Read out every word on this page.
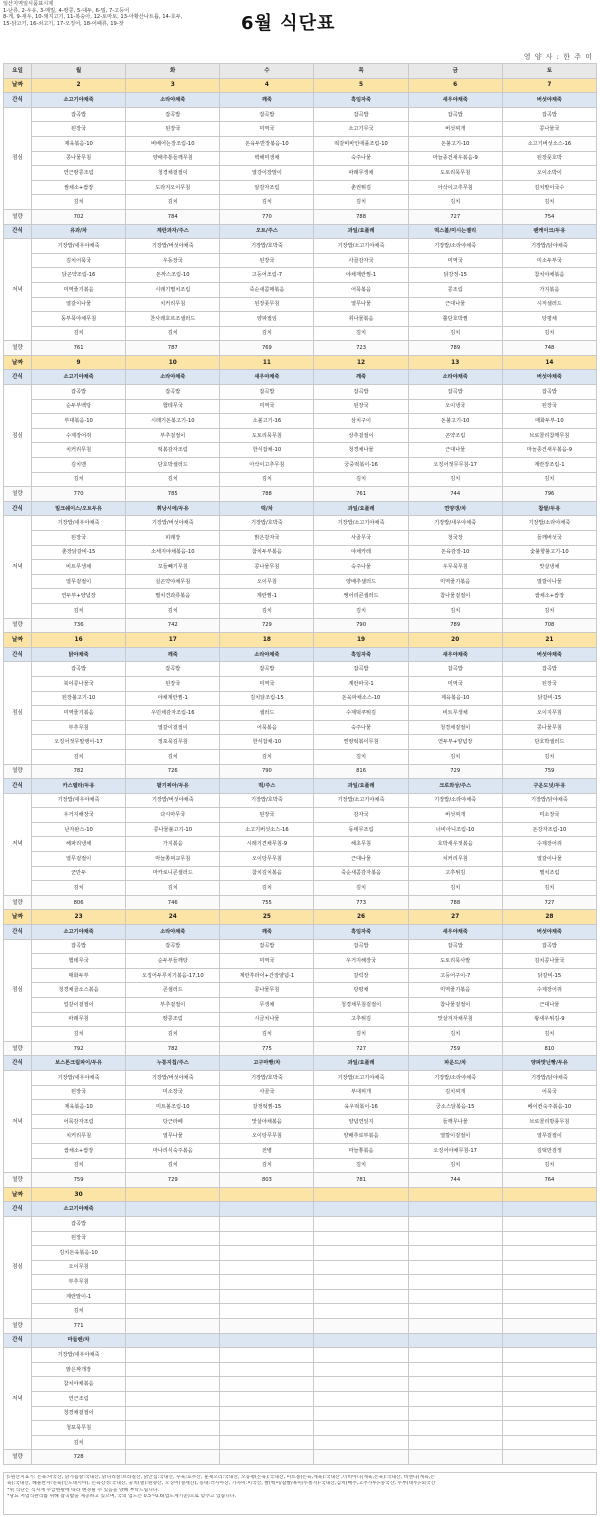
일산지역일식품표시제
1-난류, 2-우유, 3-메밀, 4-땅콩, 5-대두, 6-밀, 7-고등어
8-게, 9-새우, 10-돼지고기, 11-복숭아, 12-토마토, 13-아황산나트륨, 14-호두,
15-닭고기, 16-쇠고기, 17-오징어, 18-어패류, 19-잣	6월 식단표
영 양 사 : 한 주 미
요일	월	화	수	목	금	토
날짜	2	3	4	5	6	7
간식	소고기야채죽	소라야채죽	깨죽	흑임자죽	새우야채죽	버섯야채죽
점심	잡곡밥	잡곡밥	잡곡밥	잡곡밥	잡곡밥	잡곡밥
	된장국	된장국	미역국	소고기무국	버섯찌개	콩나물국
	제육볶음-10	버베어는장조림-10	돈육두반장볶음-10	떡갈비바인애플조림-10	돈불고기-10	소고기버섯소스-16
	콩나물무침	양배추통들깨무침	벽해미생채	숙주나물	마늘종건새우볶음-9	된장풋호박
	연근땅콩조림	청경채겉절이	열강이장말이	파래무생채	도토리묵무침	오이소박이
	썸채소+쌈장	도라지오이무침	알감자조림	춘권튀김	아삭이고추무침	김치말이국수
	김치	김치	김치	김치	김치	김치
열량	702	784	770	788	727	754
간식	유과/차	계란과자/주스	오트/주스	과일/요플레	떡스볼/미시는젤리	팬케이크/두유
저녁	기장밥/새우야채죽	기장밥/버섯야채죽	기장밥/호박죽	기장밥/소고기야채죽	기장밥/소라야채죽	기장밥/닭야채죽
	김치어묵국	우동장국	된장국	사골감자국	미역국	미소두부국
	닭곤약조림-16	돈까스조림-10	고등어조림-7	야채계란찜-1	닭강정-15	참치야채볶음
	미역줄기볶음	시래기멸치조림	죽순새콤매볶음	어묵볶음	콩조림	가지볶음
	열갈이나물	치커리무침	된장풋무침	열무나물	근대나물	시저샐러드
	동부묵야채무침	찬사레호르조샐러드	양파절임	취나물볶음	쫄단호박찜	탕평채
	김치	김치	김치	김치	김치	김치
열량	761	787	769	723	789	748
날짜	9	10	11	12	13	14
간식	소고기야채죽	소라야채죽	새우야채죽	깨죽	소라야채죽	버섯야채죽
점심	잡곡밥	잡곡밥	잡곡밥	잡곡밥	잡곡밥	잡곡밥
	순두부백탕	햄테무국	미역국	된장국	오이냉국	된장국
	부대볶음-10	시래기돈볶고기-10	소볼고기-16	삼치구이	돈불고기-10	매화두부-10
	수제장어쥐	부추겉절이	도토리묵무침	상추겉절이	곤약조림	브로콜리참깨무침
	치커리무침	떡볶감자조림	한식잡채-10	청경채나물	근대나물	마늘종건새우볶음-9
	김치맨	단호박샐러드	아삭이고추무침	궁중떡볶이-16	오징어젓무무침-17	계란장조림-1
	김치	김치	김치	김치	김치	김치
열량	770	785	788	761	744	796
간식	밀크쉐이스/오트두유	휘낭시에/두유	떡/차	과일/요플레	연양갱/차	찹쌀/두유
저녁	기장밥/새우야채죽	기장밥/버섯야채죽	기장밥/호박죽	기장밥/소고기야채죽	기장밥/새우야채죽	기장밥/소라야채죽
	된장국	피래장	맑은감자국	사골무국	청국장	들깨버섯국
	춘장닭갈비-15	소세지야채볶음-10	참치두부볶음	야채카레	돈육감장-10	숯불향불고기-10
	비트무생채	꼬들빼기무침	콩나물무침	숙주나물	우무묵무침	맛살냉채
	열무겉절이	실곤약야채무침	오이무침	양배추샐러드	미역줄기볶음	열깔이나물
	연두부+양념장	멸치견과류볶음	계란찜-1	쌩어리콘샐러드	참나물겉절이	쌈채소+쌈장
	김치	김치	김치	김치	김치	김치
열량	736	742	729	790	789	708
날짜	16	17	18	19	20	21
간식	닭야채죽	깨죽	소라야채죽	흑임자죽	새우야채죽	버섯야채죽
점심	잡곡밥	잡곡밥	잡곡밥	잡곡밥	잡곡밥	잡곡밥
	북어콩나물국	된장국	미역국	계란파국-1	미역국	된장국
	된장불고기-10	야채계란찜-1	김치닭조림-15	돈육파채소스-10	제육볶음-10	닭갈비-15
	미역줄기볶음	우민채감자조림-16	샐러드	수제떡쿠튀김	비트무생채	오이지무침
	부추무침	열갈이겉절이	어묵볶음	숙주나물	청경채겉절이	콩나물무침
	오징어젓무말랭이-17	정포묵김무침	한식잡채-10	찐땅떡볶이무침	연두부+양념장	단호박샐러드
	김치	김치	김치	김치	김치	김치
열량	782	726	790	816	729	759
간식	카스텔라/두유	팥기찌아/두유	떡/주스	과일/요플레	크로와상/주스	구운도넛/두유
저녁	기장밥/새우야채죽	기장밥/버섯야채죽	기장밥/호박죽	기장밥/소고기야채죽	기장밥/소라야채죽	기장밥/닭야채죽
	우거지해장국	다시마무국	된장국	감자국	버섯찌개	미소장국
	난자완스-10	콩나물불고기-10	소고기버섯소스-16	동태무조림	너비아니조림-10	돈강자조림-10
	해파리냉채	가지볶음	시래기견채무침-9	해초무침	호박새우젓볶음	수제장어쥐
	열무겉절이	마늘쫑찌교무침	오이탕무무침	근대나물	치커리무침	열갈이나물
	군만두	마카로니콘샐러드	참치김치볶음	죽순새콤감자볶음	고추튀김	멸치조림
	김치	김치	김치	김치	김치	김치
열량	806	746	755	773	788	727
날짜	23	24	25	26	27	28
간식	소고기야채죽	소라야채죽	깨죽	흑임자죽	새우야채죽	버섯야채죽
점심	잡곡밥	잡곡밥	잡곡밥	잡곡밥	잡곡밥	잡곡밥
	햄테무국	순두부들깨탕	미역국	우거지해장국	도토리묵사발	김치콩나물국
	매화두부	오징어두루치기볶음-17,10	계란후라이+간장양념-1	갈릭장	고등어구이-7	닭갈비-15
	청경채골소스볶음	콘샐러드	콩나물무침	탕평채	미역줄기볶음	수제장어쥐
	얼갈이겉절이	부추겉절이	무생채	청경채무침겉절이	참나물겉절이	근대나물
	파래무침	땅콩조림	시금치나물	고추튀김	맛살겨자채무침	왕새우튀김-9
	김치	김치	김치	김치	김치	김치
열량	792	782	775	727	759	810
간식	보스톤크림파이/두유	누룽지칩/주스	고구마빵/차	과일/요플레	파운드/차	양파맛닌빵/두유
저녁	기장밥/새우야채죽	기장밥/버섯야채죽	기장밥/호박죽	기장밥/소고기야채죽	기장밥/소라야채죽	기장밥/닭야채죽
	된장국	미소장국	사골국	부대찌개	김치찌개	어묵국
	제육볶음-10	미트볼조림-10	갈정떡찜-15	육우떡볶이-16	궁소스닭볶음-15	베이컨숙주볶음-10
	어묵감자조림	당근라페	맛살야채볶음	양념연잎지	들깨무나물	브로콜리방풍무침
	치커리무침	열무나물	오이탕무무침	양배추로부볶음	열깔이겉절이	열무겉절이
	쌈채소+쌈장	마나리식숙주볶음	전병	마늘쫑볶음	오징어야채무침-17	김떡만검정
	김치	김치	김치	김치	김치	김치
열량	759	729	803	781	744	764
날짜	30					
간식	소고기야채죽					
점심	잡곡밥					
	된장국					
	김치돈육볶음-10					
	오이무침					
	부추무침					
	계란말이-1					
	김치					
열량	771					
간식	마들렌/차					
저녁	기장밥/새우야채죽					
	맑은짜개장					
	참치야채볶음					
	연근조림					
	청경채겉절이					
	청포묵무침					
	김치					
열량	728					
▷원산지표기: 돈육:미국산, 닭가슴살:국내산, 닭다리살:브라질산, 닭안심:국내산, 우육:호주산, 훈제오리:국내산, 오동평(돈육):국내산, 미트볼(돈육,계육):국내산 ,너비아니(계육,돈육):국내산, 비엔나(계육,돈
육):국내산, 해물완자:연육(인도네시아), 돈육강정:국내산, 꿍치(멸):원양산, 오징어(절세산), 동태:러시아산, 가자미:미국산, 쌀(백미/찹쌀/흑미/누룽지)-국내산,김치(배추,고추가루)-중국산, 두부(대두)-외국산
*위 식단은 식자재 수급현황에 따라 변경될 수 있음을 양해 부탁드립니다.
*당뇨 저염식관리를 위해 잡곡밥을 제공하고 있으며, 국의 염도는 0.5~0.6(염도계기준)으로 맞추고 있습니다.
